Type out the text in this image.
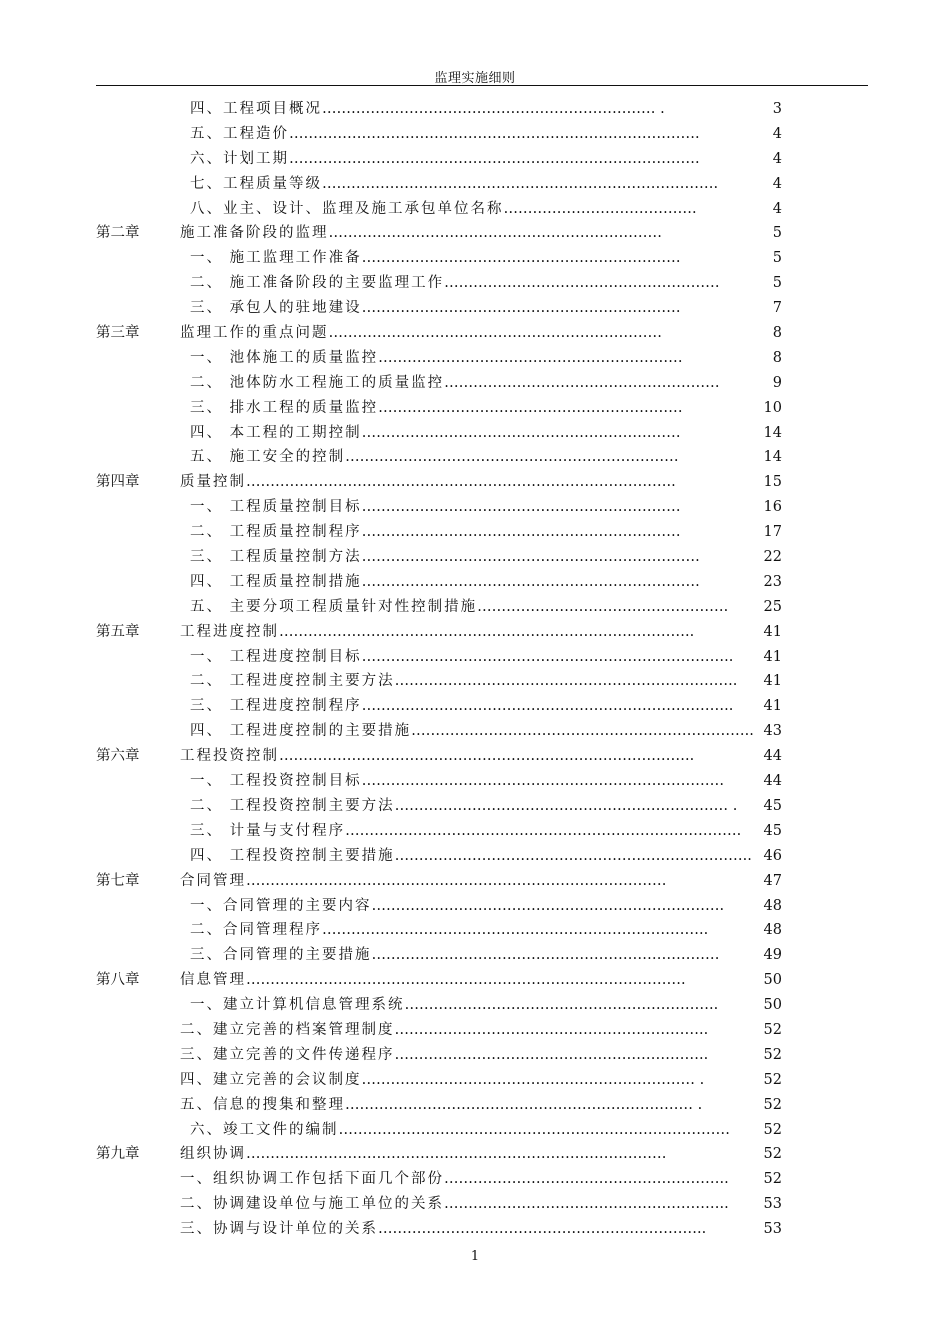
监理实施细则
四、工程项目概况…………………………………………………………… .	3
五、工程造价………………………………………………………………………….	4
六、计划工期………………………………………………………………………….	4
七、工程质量等级……………………………………………………………………….	4
八、业主、设计、监理及施工承包单位名称………………………………….	4
第二章	施工准备阶段的监理……………………………………………………………	5
一、 施工监理工作准备…………………………………………………………	5
二、 施工准备阶段的主要监理工作…………………………………………………	5
三、 承包人的驻地建设…………………………………………………………	7
第三章	监理工作的重点问题……………………………………………………………	8
一、 池体施工的质量监控………………………………………………………	8
二、 池体防水工程施工的质量监控…………………………………………………	9
三、 排水工程的质量监控………………………………………………………	10
四、 本工程的工期控制…………………………………………………………	14
五、 施工安全的控制……………………………………………………………	14
第四章	质量控制……………………………………………………………………………..	15
一、 工程质量控制目标…………………………………………………………	16
二、 工程质量控制程序…………………………………………………………	17
三、 工程质量控制方法…………………………………………………………….	22
四、 工程质量控制措施…………………………………………………………….	23
五、 主要分项工程质量针对性控制措施……………………………………………. 25
第五章	工程进度控制…………………………………………………………………………..	41
一、 工程进度控制目标………………………………………………………………….. 41
二、 工程进度控制主要方法…………………………………………………………….. 41
三、 工程进度控制程序………………………………………………………………….. 41
四、 工程进度控制的主要措施…………………………………………………………….. 43
第六章	工程投资控制…………………………………………………………………………..	44
一、 工程投资控制目标…………………………………………………………………	44
二、 工程投资控制主要方法…………………………………………………………… .	45
三、 计量与支付程序………………………………………………………………………. 45
四、 工程投资控制主要措施……………………………………………………………….. 46
第七章	合同管理……………………………………………………………………………	47
一、合同管理的主要内容……………………………………………………………….	48
二、合同管理程序……………………………………………………………………..	48
三、合同管理的主要措施………………………………………………………………	49
第八章	信息管理……………………………………………………………………………….	50
一、建立计算机信息管理系统………………………………………………………..	50
二、建立完善的档案管理制度………………………………………………………..	52
三、建立完善的文件传递程序………………………………………………………..	52
四、建立完善的会议制度…………………………………………………………… .	52
五、信息的搜集和整理……………………………………………………………… .	52
六、竣工文件的编制………………………………………………………………………	52
第九章	组织协调……………………………………………………………………………	52
一、组织协调工作包括下面几个部份…………………………………………………..	52
二、协调建设单位与施工单位的关系…………………………………………………..	53
三、协调与设计单位的关系…………………………………………………………..	53
1
